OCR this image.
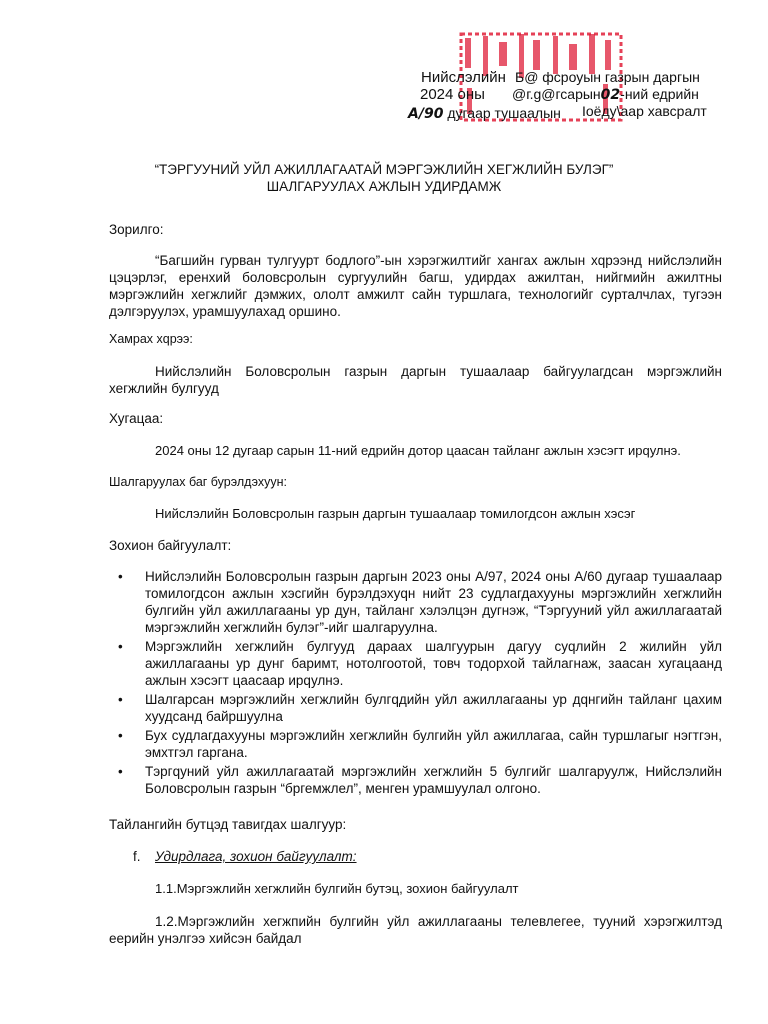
Нийслэлийн Б@ фсроуын газрын даргын
2024 оны @г.g@гсарын02-ний едрийн
A/90 дугаар тушаалын Iоёду\аар хавсралт
“ТЭРГУУНИЙ УЙЛ АЖИЛЛАГААТАЙ МЭРГЭЖЛИЙН ХЕГЖЛИЙН БУЛЭГ”
ШАЛГАРУУЛАХ АЖЛЫН УДИРДАМЖ
Зорилго:
“Багшийн гурван тулгуурт бодлого”-ын хэрэгжилтийг хангах ажлын хqрээнд нийслэлийн цэцэрлэг, еренхий боловсролын сургуулийн багш, удирдах ажилтан, нийгмийн ажилтны мэргэжлийн хегжлийг дэмжих, ололт амжилт сайн туршлага, технологийг сурталчлах, тугээн дэлгэруулэх, урамшуулахад оршино.
Хамрах хqрээ:
Нийслэлийн Боловсролын газрын даргын тушаалаар байгуулагдсан мэргэжлийн хегжлийн булгууд
Хугацаа:
2024 оны 12 дугаар сарын 11-ний едрийн дотор цаасан тайланг ажлын хэсэгт ирqулнэ.
Шалгаруулах баг бурэлдэхуун:
Нийслэлийн Боловсролын газрын даргын тушаалаар томилогдсон ажлын хэсэг
Зохион байгуулалт:
• Нийслэлийн Боловсролын газрын даргын 2023 оны А/97, 2024 оны А/60 дугаар тушаалаар томилогдсон ажлын хэсгийн бурэлдэхуqн нийт 23 судлагдахууны мэргэжлийн хегжлийн булгийн уйл ажиллагааны ур дун, тайланг хэлэлцэн дугнэж, “Тэргууний уйл ажиллагаатай мэргэжлийн хегжлийн булэг”-ийг шалгаруулна.
• Мэргэжлийн хегжлийн булгууд дараах шалгуурын дагуу суqлийн 2 жилийн уйл ажиллагааны ур дунг баримт, нотолгоотой, товч тодорхой тайлагнаж, заасан хугацаанд ажлын хэсэгт цаасаар ирqулнэ.
• Шалгарсан мэргэжлийн хегжлийн булгqдийн уйл ажиллагааны ур дqнгийн тайланг цахим хуудсанд байршуулна
• Бух судлагдахууны мэргэжлийн хегжлийн булгийн уйл ажиллагаа, сайн туршлагыг нэгтгэн, эмхтгэл гаргана.
• Тэргqуний уйл ажиллагаатай мэргэжлийн хегжлийн 5 булгийг шалгаруулж, Нийслэлийн Боловсролын газрын “бргемжлел”, менген урамшуулал олгоно.
Тайлангийн бутцэд тавигдах шалгуур:
f. Удирдлага, зохион байгуулалт:
1.1.Мэргэжлийн хегжлийн булгийн бутэц, зохион байгуулалт
1.2.Мэргэжлийн хегжпийн булгийн уйл ажиллагааны телевлегее, тууний хэрэгжилтэд еерийн унэлгээ хийсэн байдал
